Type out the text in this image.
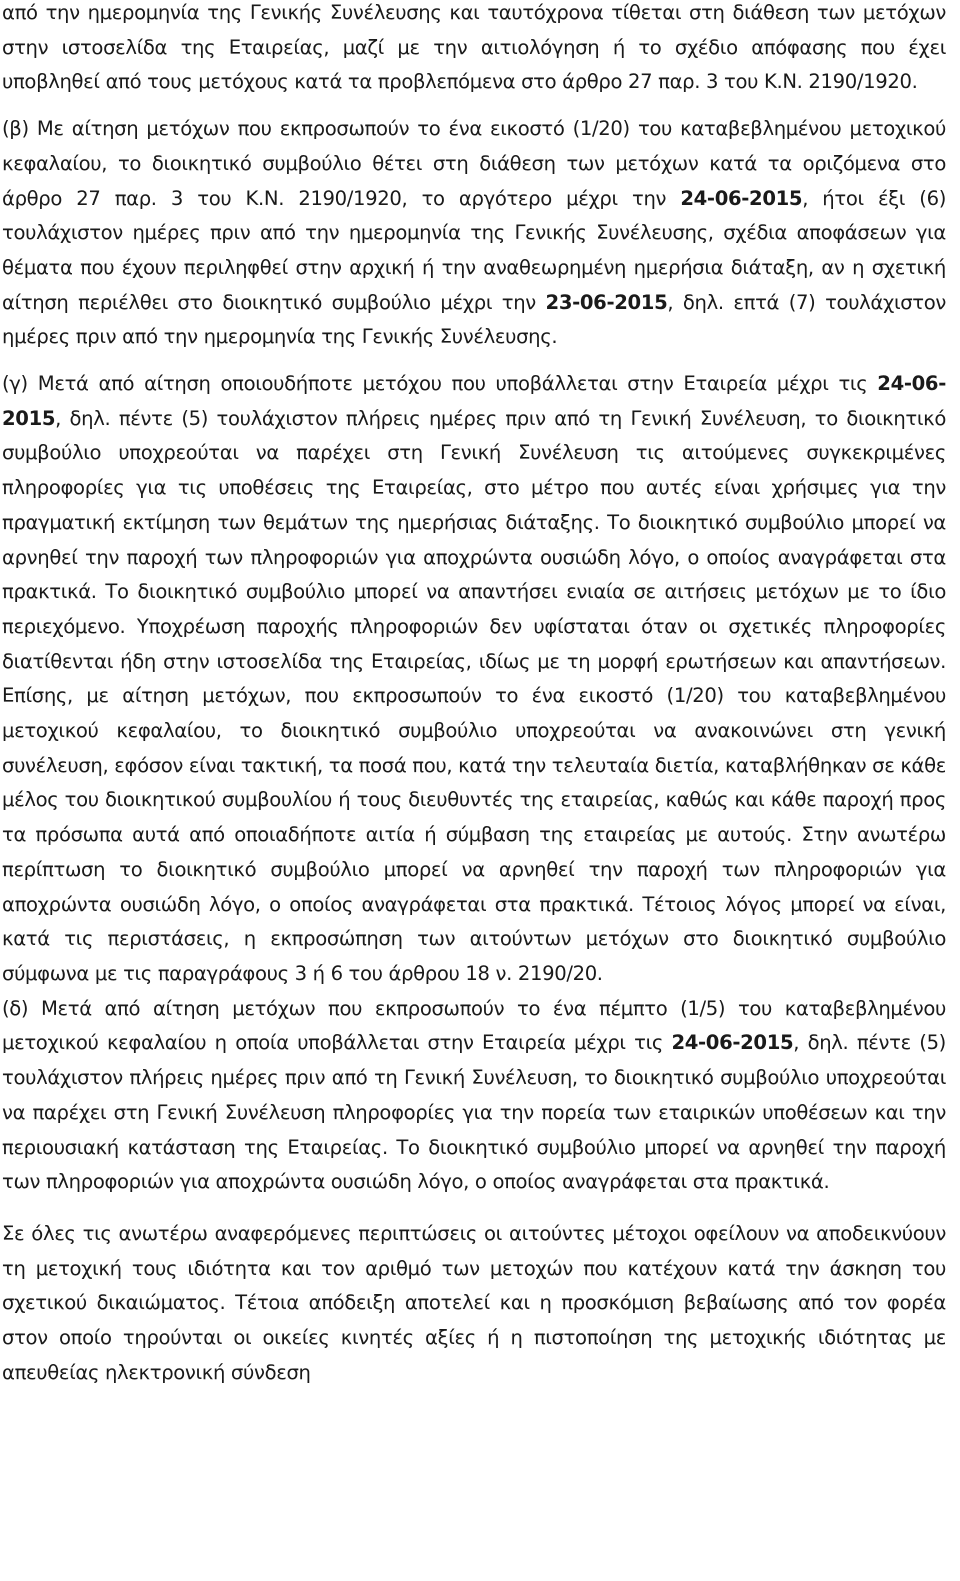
από την ημερομηνία της Γενικής Συνέλευσης και ταυτόχρονα τίθεται στη διάθεση των μετόχων στην ιστοσελίδα της Εταιρείας, μαζί με την αιτιολόγηση ή το σχέδιο απόφασης που έχει υποβληθεί από τους μετόχους κατά τα προβλεπόμενα στο άρθρο 27 παρ. 3 του Κ.Ν. 2190/1920.

(β) Με αίτηση μετόχων που εκπροσωπούν το ένα εικοστό (1/20) του καταβεβλημένου μετοχικού κεφαλαίου, το διοικητικό συμβούλιο θέτει στη διάθεση των μετόχων κατά τα οριζόμενα στο άρθρο 27 παρ. 3 του Κ.Ν. 2190/1920, το αργότερο μέχρι την 24-06-2015, ήτοι έξι (6) τουλάχιστον ημέρες πριν από την ημερομηνία της Γενικής Συνέλευσης, σχέδια αποφάσεων για θέματα που έχουν περιληφθεί στην αρχική ή την αναθεωρημένη ημερήσια διάταξη, αν η σχετική αίτηση περιέλθει στο διοικητικό συμβούλιο μέχρι την 23-06-2015, δηλ. επτά (7) τουλάχιστον ημέρες πριν από την ημερομηνία της Γενικής Συνέλευσης.

(γ) Μετά από αίτηση οποιουδήποτε μετόχου που υποβάλλεται στην Εταιρεία μέχρι τις 24-06-2015, δηλ. πέντε (5) τουλάχιστον πλήρεις ημέρες πριν από τη Γενική Συνέλευση, το διοικητικό συμβούλιο υποχρεούται να παρέχει στη Γενική Συνέλευση τις αιτούμενες συγκεκριμένες πληροφορίες για τις υποθέσεις της Εταιρείας, στο μέτρο που αυτές είναι χρήσιμες για την πραγματική εκτίμηση των θεμάτων της ημερήσιας διάταξης. Το διοικητικό συμβούλιο μπορεί να αρνηθεί την παροχή των πληροφοριών για αποχρώντα ουσιώδη λόγο, ο οποίος αναγράφεται στα πρακτικά. Το διοικητικό συμβούλιο μπορεί να απαντήσει ενιαία σε αιτήσεις μετόχων με το ίδιο περιεχόμενο. Υποχρέωση παροχής πληροφοριών δεν υφίσταται όταν οι σχετικές πληροφορίες διατίθενται ήδη στην ιστοσελίδα της Εταιρείας, ιδίως με τη μορφή ερωτήσεων και απαντήσεων. Επίσης, με αίτηση μετόχων, που εκπροσωπούν το ένα εικοστό (1/20) του καταβεβλημένου μετοχικού κεφαλαίου, το διοικητικό συμβούλιο υποχρεούται να ανακοινώνει στη γενική συνέλευση, εφόσον είναι τακτική, τα ποσά που, κατά την τελευταία διετία, καταβλήθηκαν σε κάθε μέλος του διοικητικού συμβουλίου ή τους διευθυντές της εταιρείας, καθώς και κάθε παροχή προς τα πρόσωπα αυτά από οποιαδήποτε αιτία ή σύμβαση της εταιρείας με αυτούς. Στην ανωτέρω περίπτωση το διοικητικό συμβούλιο μπορεί να αρνηθεί την παροχή των πληροφοριών για αποχρώντα ουσιώδη λόγο, ο οποίος αναγράφεται στα πρακτικά. Τέτοιος λόγος μπορεί να είναι, κατά τις περιστάσεις, η εκπροσώπηση των αιτούντων μετόχων στο διοικητικό συμβούλιο σύμφωνα με τις παραγράφους 3 ή 6 του άρθρου 18 ν. 2190/20.

(δ) Μετά από αίτηση μετόχων που εκπροσωπούν το ένα πέμπτο (1/5) του καταβεβλημένου μετοχικού κεφαλαίου η οποία υποβάλλεται στην Εταιρεία μέχρι τις 24-06-2015, δηλ. πέντε (5) τουλάχιστον πλήρεις ημέρες πριν από τη Γενική Συνέλευση, το διοικητικό συμβούλιο υποχρεούται να παρέχει στη Γενική Συνέλευση πληροφορίες για την πορεία των εταιρικών υποθέσεων και την περιουσιακή κατάσταση της Εταιρείας. Το διοικητικό συμβούλιο μπορεί να αρνηθεί την παροχή των πληροφοριών για αποχρώντα ουσιώδη λόγο, ο οποίος αναγράφεται στα πρακτικά.

Σε όλες τις ανωτέρω αναφερόμενες περιπτώσεις οι αιτούντες μέτοχοι οφείλουν να αποδεικνύουν τη μετοχική τους ιδιότητα και τον αριθμό των μετοχών που κατέχουν κατά την άσκηση του σχετικού δικαιώματος. Τέτοια απόδειξη αποτελεί και η προσκόμιση βεβαίωσης από τον φορέα στον οποίο τηρούνται οι οικείες κινητές αξίες ή η πιστοποίηση της μετοχικής ιδιότητας με απευθείας ηλεκτρονική σύνδεση
